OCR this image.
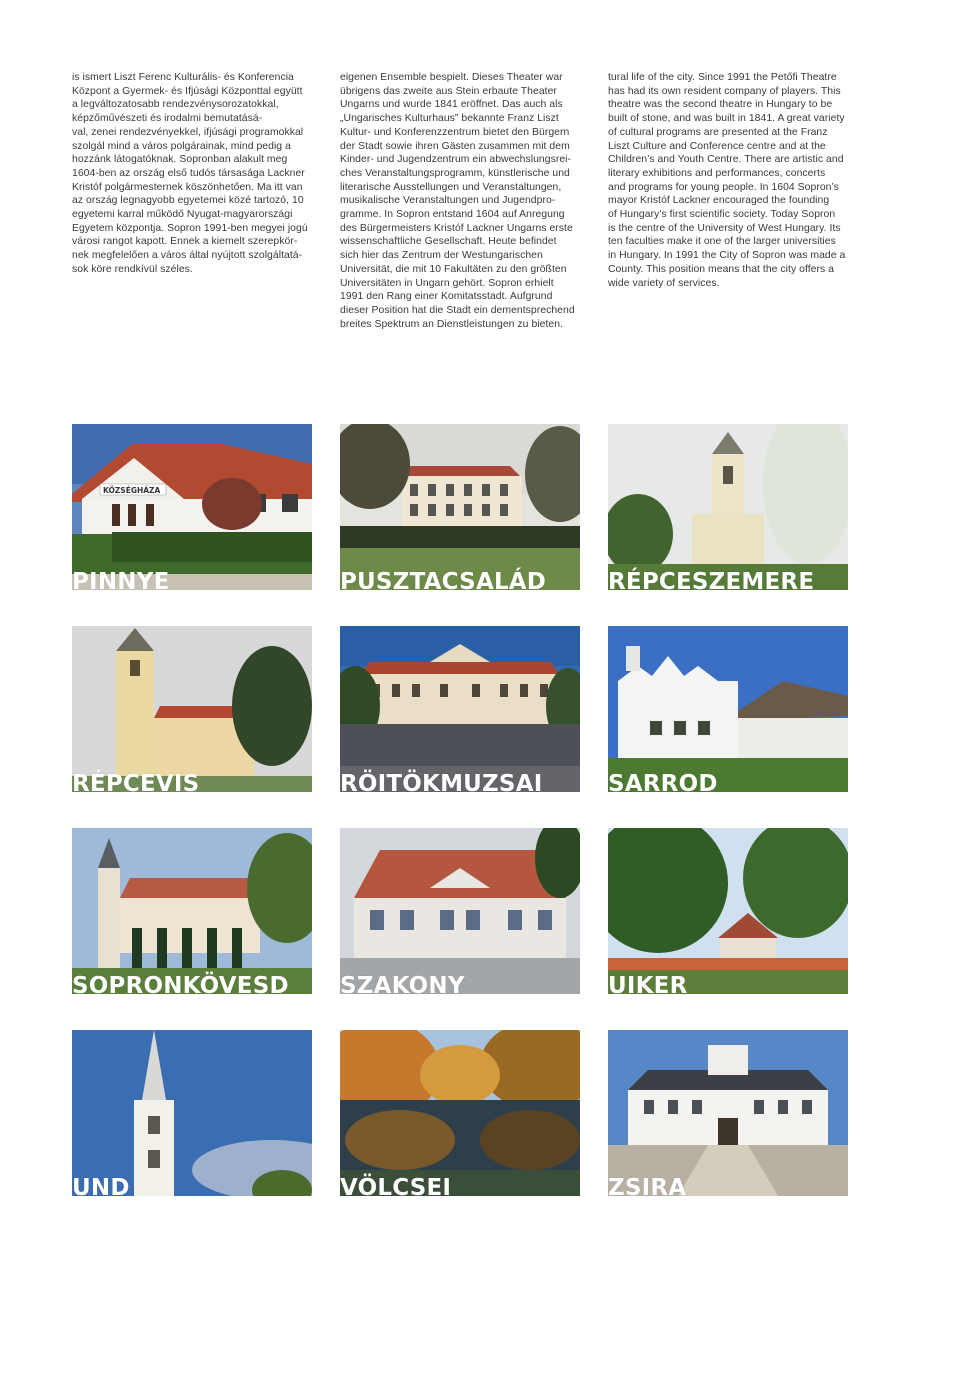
is ismert Liszt Ferenc Kulturális- és Konferencia

Központ a Gyermek- és Ifjúsági Központtal együtt

a legváltozatosabb rendezvénysorozatokkal,

képzőművészeti és irodalmi bemutatásá-

val, zenei rendezvényekkel, ifjúsági programokkal

szolgál mind a város polgárainak, mind pedig a

hozzánk látogatóknak. Sopronban alakult meg

1604-ben az ország első tudós társasága Lackner

Kristóf polgármesternek köszönhetően. Ma itt van

az ország legnagyobb egyetemei közé tartozó, 10

egyetemi karral működő Nyugat-magyarországi

Egyetem központja. Sopron 1991-ben megyei jogú

városi rangot kapott. Ennek a kiemelt szerepkör-

nek megfelelően a város által nyújtott szolgáltatá-

sok köre rendkívül széles.

eigenen Ensemble bespielt. Dieses Theater war

übrigens das zweite aus Stein erbaute Theater

Ungarns und wurde 1841 eröffnet. Das auch als

„Ungarisches Kulturhaus” bekannte Franz Liszt

Kultur- und Konferenzzentrum bietet den Bürgern

der Stadt sowie ihren Gästen zusammen mit dem

Kinder- und Jugendzentrum ein abwechslungsrei-

ches Veranstaltungsprogramm, künstlerische und

literarische Ausstellungen und Veranstaltungen,

musikalische Veranstaltungen und Jugendpro-

gramme. In Sopron entstand 1604 auf Anregung

des Bürgermeisters Kristóf Lackner Ungarns erste

wissenschaftliche Gesellschaft. Heute befindet

sich hier das Zentrum der Westungarischen

Universität, die mit 10 Fakultäten zu den größten

Universitäten in Ungarn gehört. Sopron erhielt

1991 den Rang einer Komitatsstadt. Aufgrund

dieser Position hat die Stadt ein dementsprechend

breites Spektrum an Dienstleistungen zu bieten.

tural life of the city. Since 1991 the Petőfi Theatre

has had its own resident company of players. This

theatre was the second theatre in Hungary to be

built of stone, and was built in 1841. A great variety

of cultural programs are presented at the Franz

Liszt Culture and Conference centre and at the

Children’s and Youth Centre. There are artistic and

literary exhibitions and performances, concerts

and programs for young people. In 1604 Sopron’s

mayor Kristóf Lackner encouraged the founding

of Hungary’s first scientific society. Today Sopron

is the centre of the University of West Hungary. Its

ten faculties make it one of the larger universities

in Hungary. In 1991 the City of Sopron was made a

County. This position means that the city offers a

wide variety of services.

KÖZSÉGHÁZA
PINNYE	PUSZTACSALÁD	RÉPCESZEMERE
RÉPCEVIS	RÖITÖKMUZSAI	SARROD
SOPRONKÖVESD SZAKONY	UIKER
UND	VÖLCSEI	ZSIRA
